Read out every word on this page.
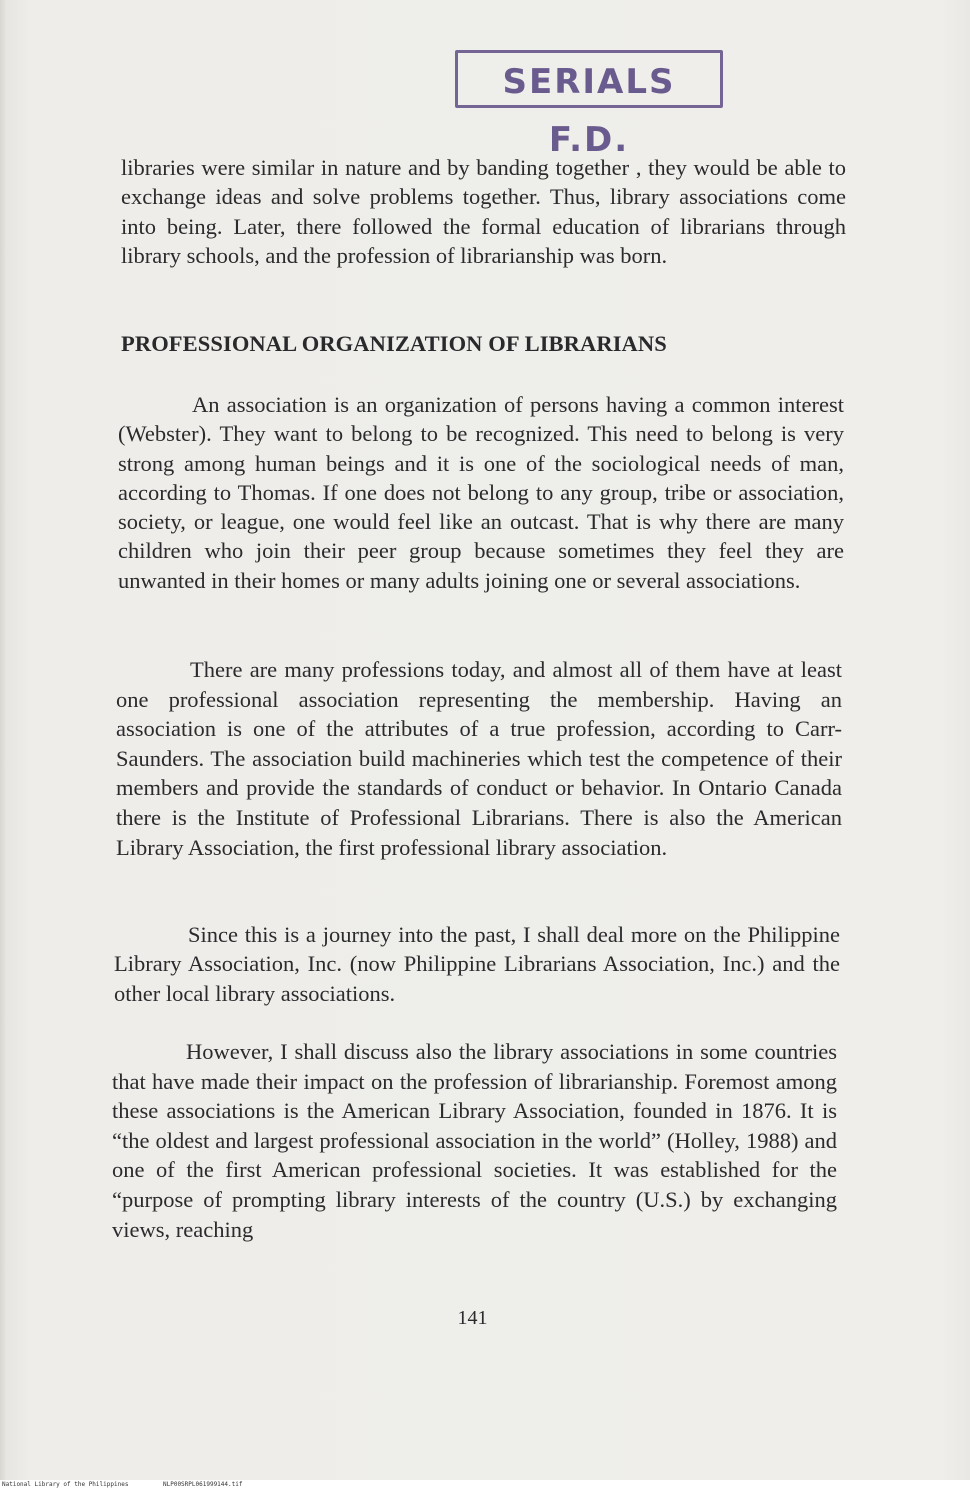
SERIALS F.D.

libraries were similar in nature and by banding together , they would be able to exchange ideas and solve problems together. Thus, library associations come into being. Later, there followed the formal education of librarians through library schools, and the profession of librarianship was born.

PROFESSIONAL ORGANIZATION OF LIBRARIANS

An association is an organization of persons having a common interest (Webster). They want to belong to be recognized. This need to belong is very strong among human beings and it is one of the sociological needs of man, according to Thomas. If one does not belong to any group, tribe or association, society, or league, one would feel like an outcast. That is why there are many children who join their peer group because sometimes they feel they are unwanted in their homes or many adults joining one or several associations.

There are many professions today, and almost all of them have at least one professional association representing the membership. Having an association is one of the attributes of a true profession, according to Carr-Saunders. The association build machineries which test the competence of their members and provide the standards of conduct or behavior. In Ontario Canada there is the Institute of Professional Librarians. There is also the American Library Association, the first professional library association.

Since this is a journey into the past, I shall deal more on the Philippine Library Association, Inc. (now Philippine Librarians Association, Inc.) and the other local library associations.

However, I shall discuss also the library associations in some countries that have made their impact on the profession of librarianship. Foremost among these associations is the American Library Association, founded in 1876. It is “the oldest and largest professional association in the world” (Holley, 1988) and one of the first American professional societies. It was established for the “purpose of prompting library interests of the country (U.S.) by exchanging views, reaching

141
National Library of the Philippines	NLP00SRPL061999144.tif
